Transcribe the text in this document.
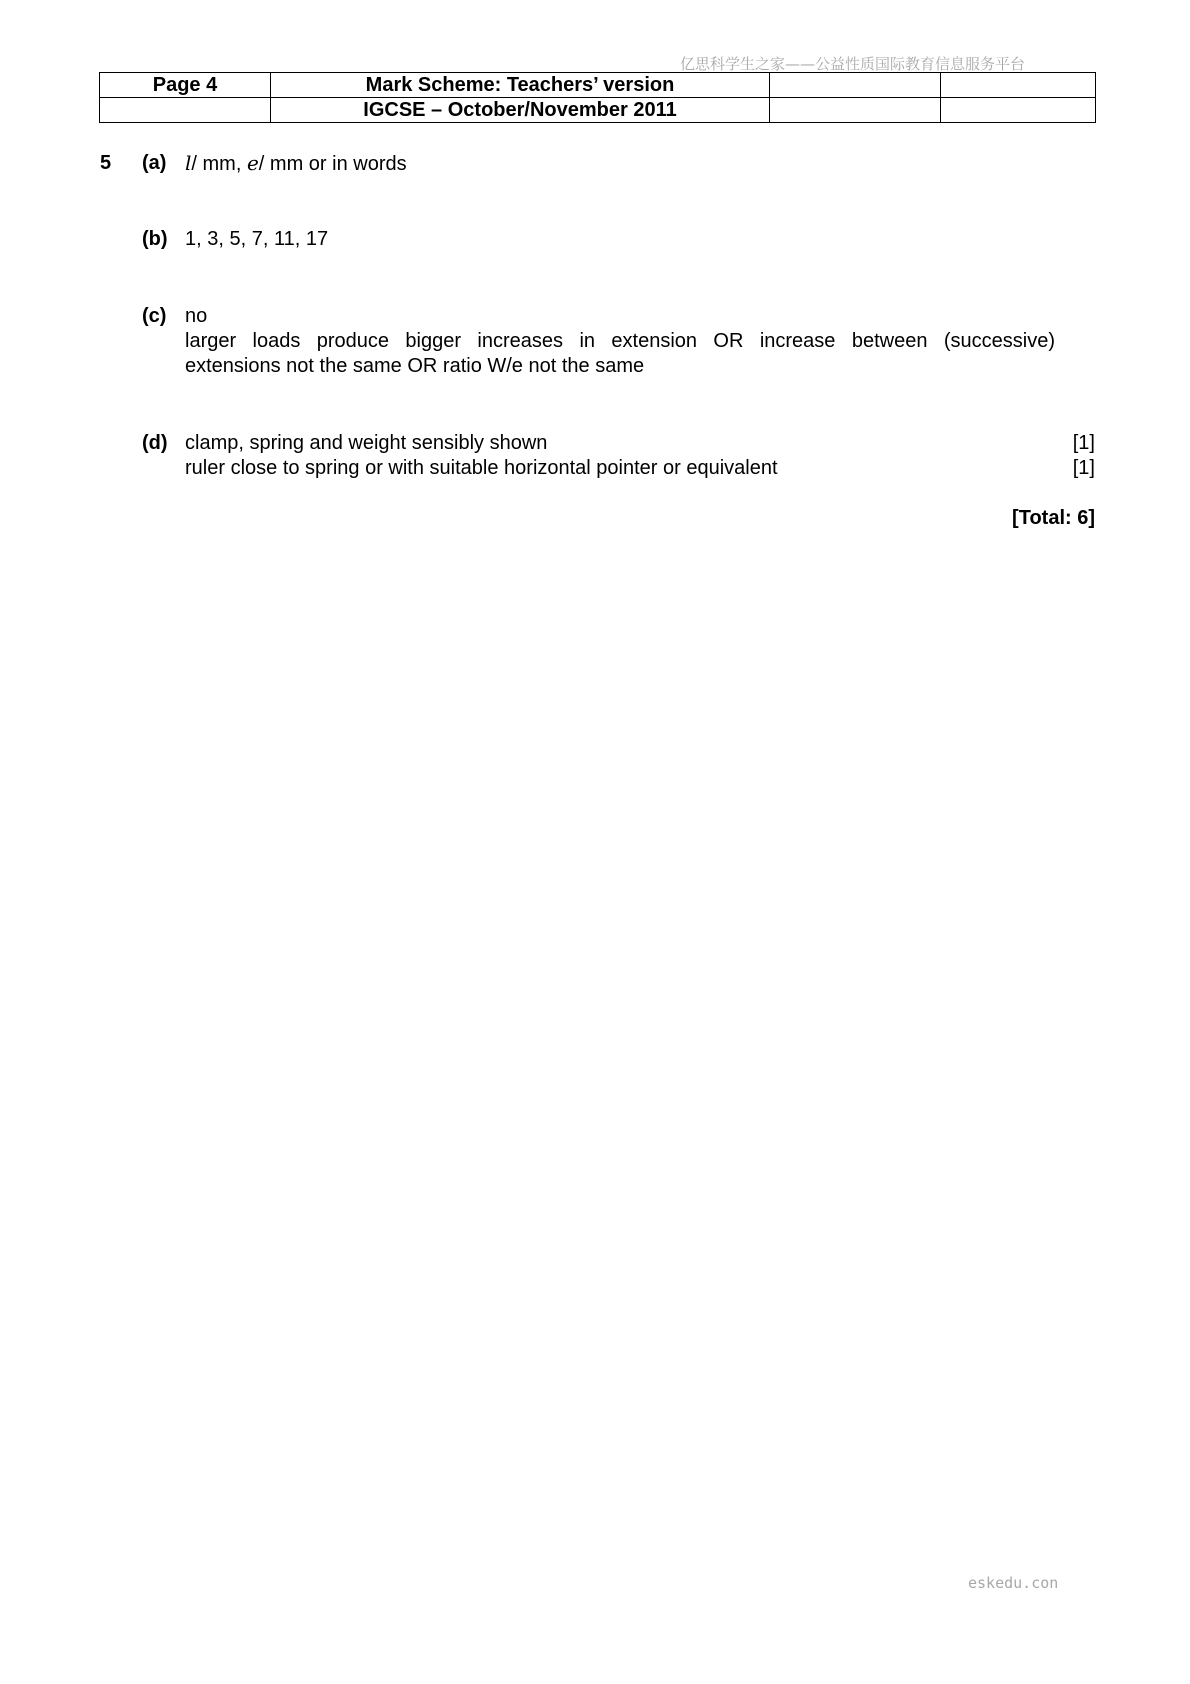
亿思科学生之家——公益性质国际教育信息服务平台
Page 4	Mark Scheme: Teachers’ version		
	IGCSE – October/November 2011		
5 (a) l/ mm, e/ mm or in words
(b) 1, 3, 5, 7, 11, 17
(c) no
larger loads produce bigger increases in extension OR increase between (successive)
extensions not the same OR ratio W/e not the same
(d) clamp, spring and weight sensibly shown	[1]
ruler close to spring or with suitable horizontal pointer or equivalent	[1]
[Total: 6]
eskedu.con
